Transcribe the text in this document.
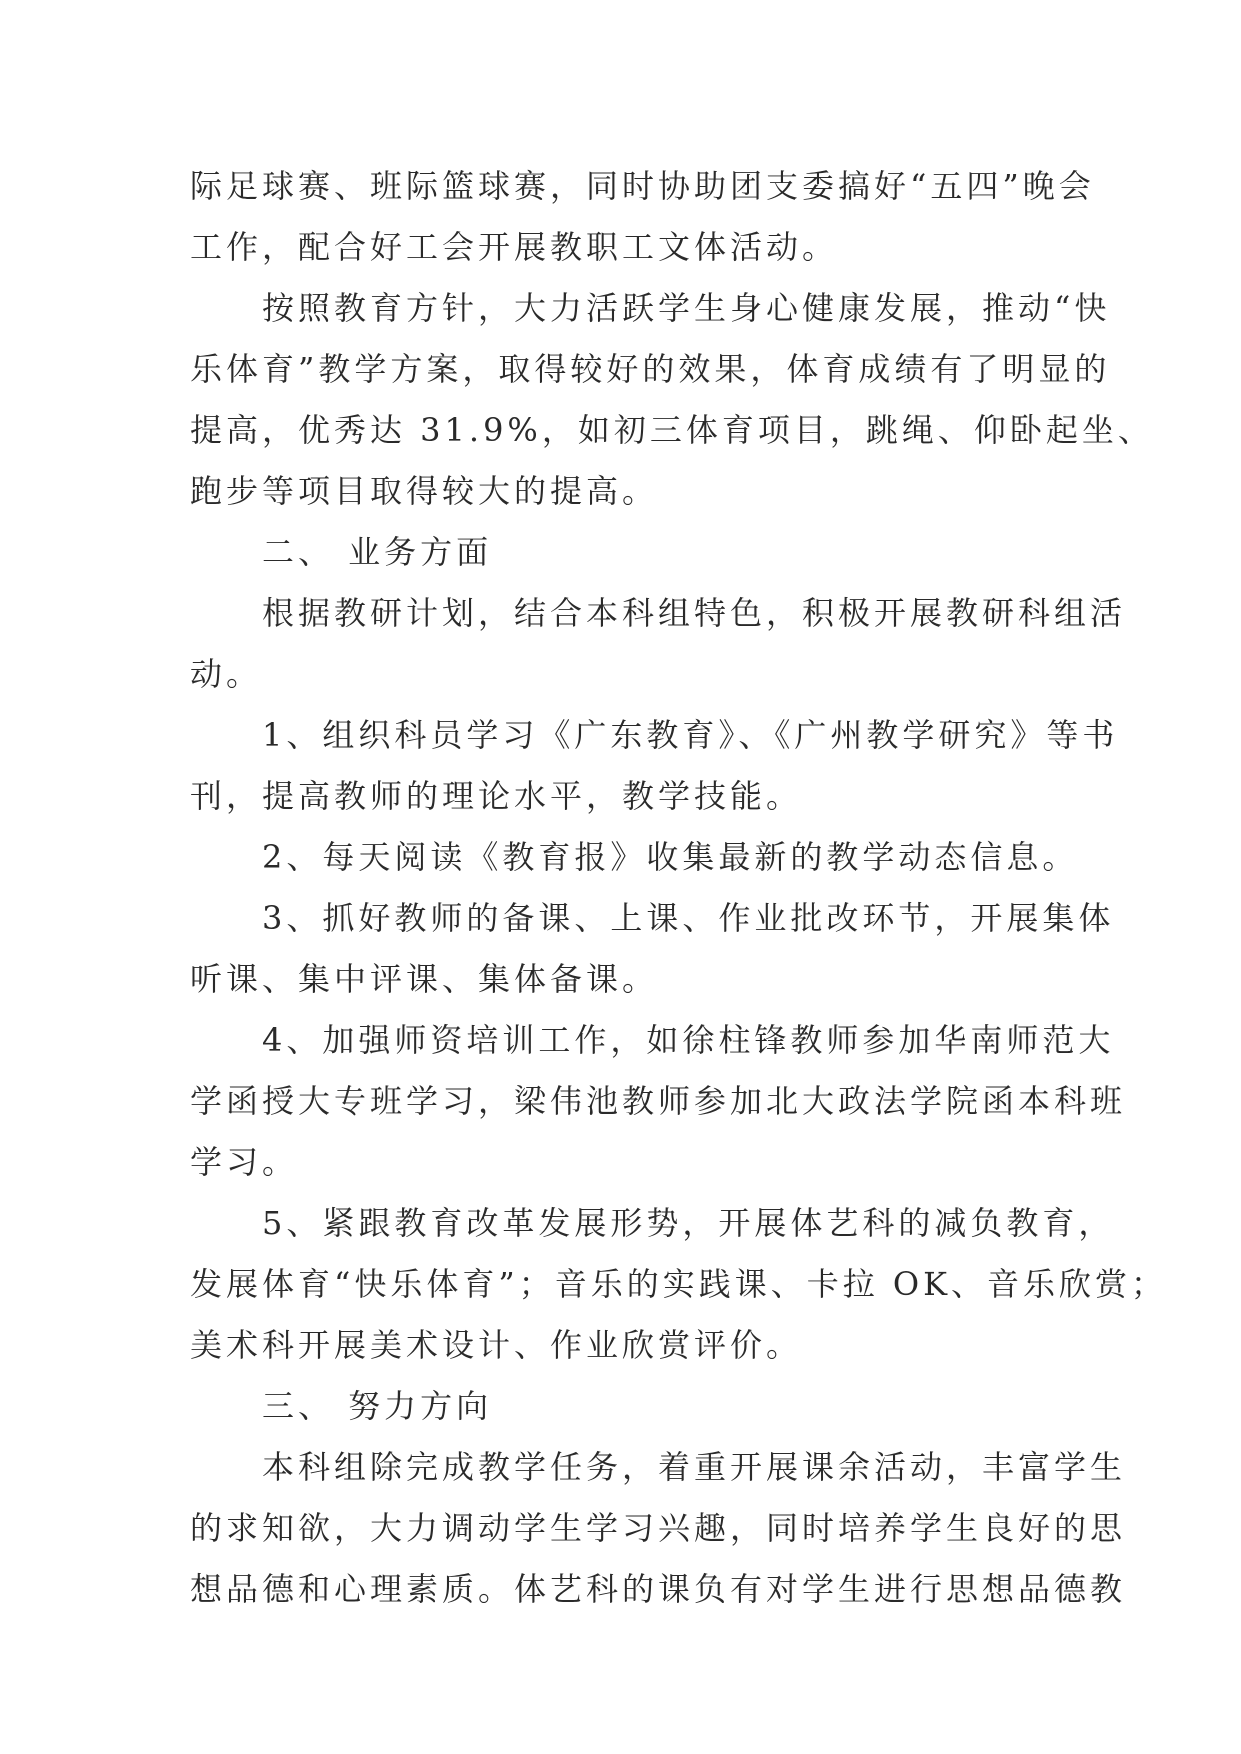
际足球赛、班际篮球赛，同时协助团支委搞好“五四”晚会
工作，配合好工会开展教职工文体活动。
按照教育方针，大力活跃学生身心健康发展，推动“快
乐体育”教学方案，取得较好的效果，体育成绩有了明显的
提高，优秀达 31.9%，如初三体育项目，跳绳、仰卧起坐、
跑步等项目取得较大的提高。
二、 业务方面
根据教研计划，结合本科组特色，积极开展教研科组活
动。
1、组织科员学习《广东教育》、《广州教学研究》等书
刊，提高教师的理论水平，教学技能。
2、每天阅读《教育报》收集最新的教学动态信息。
3、抓好教师的备课、上课、作业批改环节，开展集体
听课、集中评课、集体备课。
4、加强师资培训工作，如徐柱锋教师参加华南师范大
学函授大专班学习，梁伟池教师参加北大政法学院函本科班
学习。
5、紧跟教育改革发展形势，开展体艺科的减负教育，
发展体育“快乐体育”；音乐的实践课、卡拉 OK、音乐欣赏；
美术科开展美术设计、作业欣赏评价。
三、 努力方向
本科组除完成教学任务，着重开展课余活动，丰富学生
的求知欲，大力调动学生学习兴趣，同时培养学生良好的思
想品德和心理素质。体艺科的课负有对学生进行思想品德教
